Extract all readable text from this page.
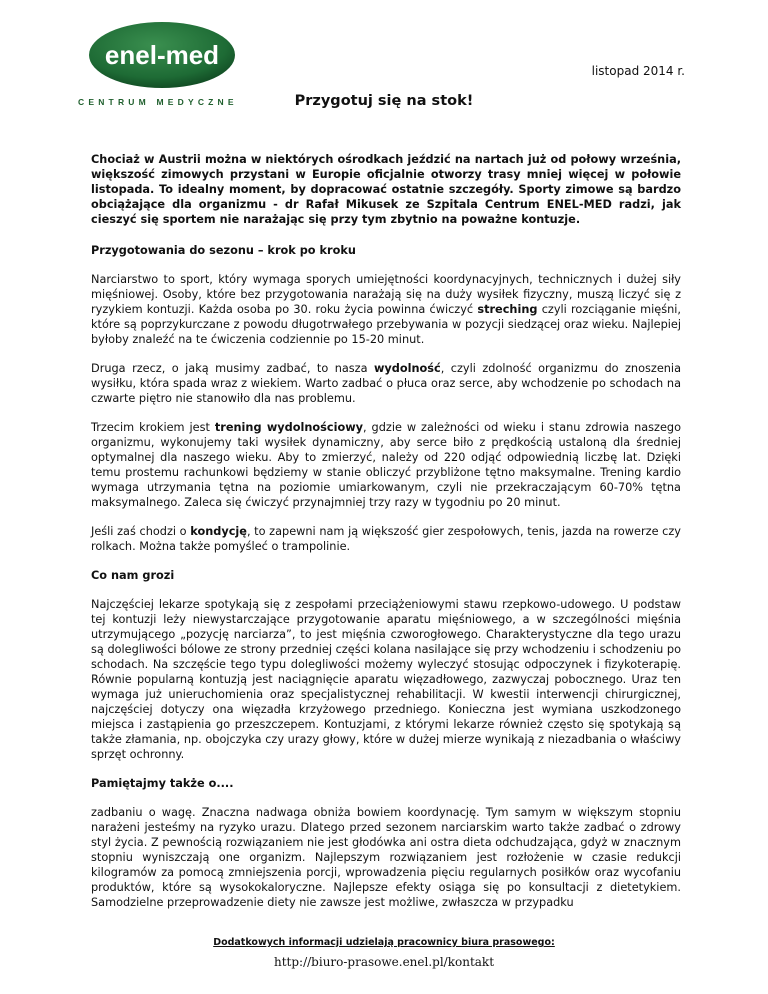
enel-med
CENTRUM MEDYCZNE
listopad 2014 r.
Przygotuj się na stok!

Chociaż w Austrii można w niektórych ośrodkach jeździć na nartach już od połowy września, większość zimowych przystani w Europie oficjalnie otworzy trasy mniej więcej w połowie listopada. To idealny moment, by dopracować ostatnie szczegóły. Sporty zimowe są bardzo obciążające dla organizmu - dr Rafał Mikusek ze Szpitala Centrum ENEL-MED radzi, jak cieszyć się sportem nie narażając się przy tym zbytnio na poważne kontuzje.

Przygotowania do sezonu – krok po kroku

Narciarstwo to sport, który wymaga sporych umiejętności koordynacyjnych, technicznych i dużej siły mięśniowej. Osoby, które bez przygotowania narażają się na duży wysiłek fizyczny, muszą liczyć się z ryzykiem kontuzji. Każda osoba po 30. roku życia powinna ćwiczyć streching czyli rozciąganie mięśni, które są poprzykurczane z powodu długotrwałego przebywania w pozycji siedzącej oraz wieku. Najlepiej byłoby znaleźć na te ćwiczenia codziennie po 15-20 minut.

Druga rzecz, o jaką musimy zadbać, to nasza wydolność, czyli zdolność organizmu do znoszenia wysiłku, która spada wraz z wiekiem. Warto zadbać o płuca oraz serce, aby wchodzenie po schodach na czwarte piętro nie stanowiło dla nas problemu.

Trzecim krokiem jest trening wydolnościowy, gdzie w zależności od wieku i stanu zdrowia naszego organizmu, wykonujemy taki wysiłek dynamiczny, aby serce biło z prędkością ustaloną dla średniej optymalnej dla naszego wieku. Aby to zmierzyć, należy od 220 odjąć odpowiednią liczbę lat. Dzięki temu prostemu rachunkowi będziemy w stanie obliczyć przybliżone tętno maksymalne. Trening kardio wymaga utrzymania tętna na poziomie umiarkowanym, czyli nie przekraczającym 60-70% tętna maksymalnego. Zaleca się ćwiczyć przynajmniej trzy razy w tygodniu po 20 minut.

Jeśli zaś chodzi o kondycję, to zapewni nam ją większość gier zespołowych, tenis, jazda na rowerze czy rolkach. Można także pomyśleć o trampolinie.

Co nam grozi

Najczęściej lekarze spotykają się z zespołami przeciążeniowymi stawu rzepkowo-udowego. U podstaw tej kontuzji leży niewystarczające przygotowanie aparatu mięśniowego, a w szczególności mięśnia utrzymującego „pozycję narciarza”, to jest mięśnia czworogłowego. Charakterystyczne dla tego urazu są dolegliwości bólowe ze strony przedniej części kolana nasilające się przy wchodzeniu i schodzeniu po schodach. Na szczęście tego typu dolegliwości możemy wyleczyć stosując odpoczynek i fizykoterapię. Równie popularną kontuzją jest naciągnięcie aparatu więzadłowego, zazwyczaj pobocznego. Uraz ten wymaga już unieruchomienia oraz specjalistycznej rehabilitacji. W kwestii interwencji chirurgicznej, najczęściej dotyczy ona więzadła krzyżowego przedniego. Konieczna jest wymiana uszkodzonego miejsca i zastąpienia go przeszczepem. Kontuzjami, z którymi lekarze również często się spotykają są także złamania, np. obojczyka czy urazy głowy, które w dużej mierze wynikają z niezadbania o właściwy sprzęt ochronny.

Pamiętajmy także o....

zadbaniu o wagę. Znaczna nadwaga obniża bowiem koordynację. Tym samym w większym stopniu narażeni jesteśmy na ryzyko urazu. Dlatego przed sezonem narciarskim warto także zadbać o zdrowy styl życia. Z pewnością rozwiązaniem nie jest głodówka ani ostra dieta odchudzająca, gdyż w znacznym stopniu wyniszczają one organizm. Najlepszym rozwiązaniem jest rozłożenie w czasie redukcji kilogramów za pomocą zmniejszenia porcji, wprowadzenia pięciu regularnych posiłków oraz wycofaniu produktów, które są wysokokaloryczne. Najlepsze efekty osiąga się po konsultacji z dietetykiem. Samodzielne przeprowadzenie diety nie zawsze jest możliwe, zwłaszcza w przypadku

Dodatkowych informacji udzielają pracownicy biura prasowego:
http://biuro-prasowe.enel.pl/kontakt
